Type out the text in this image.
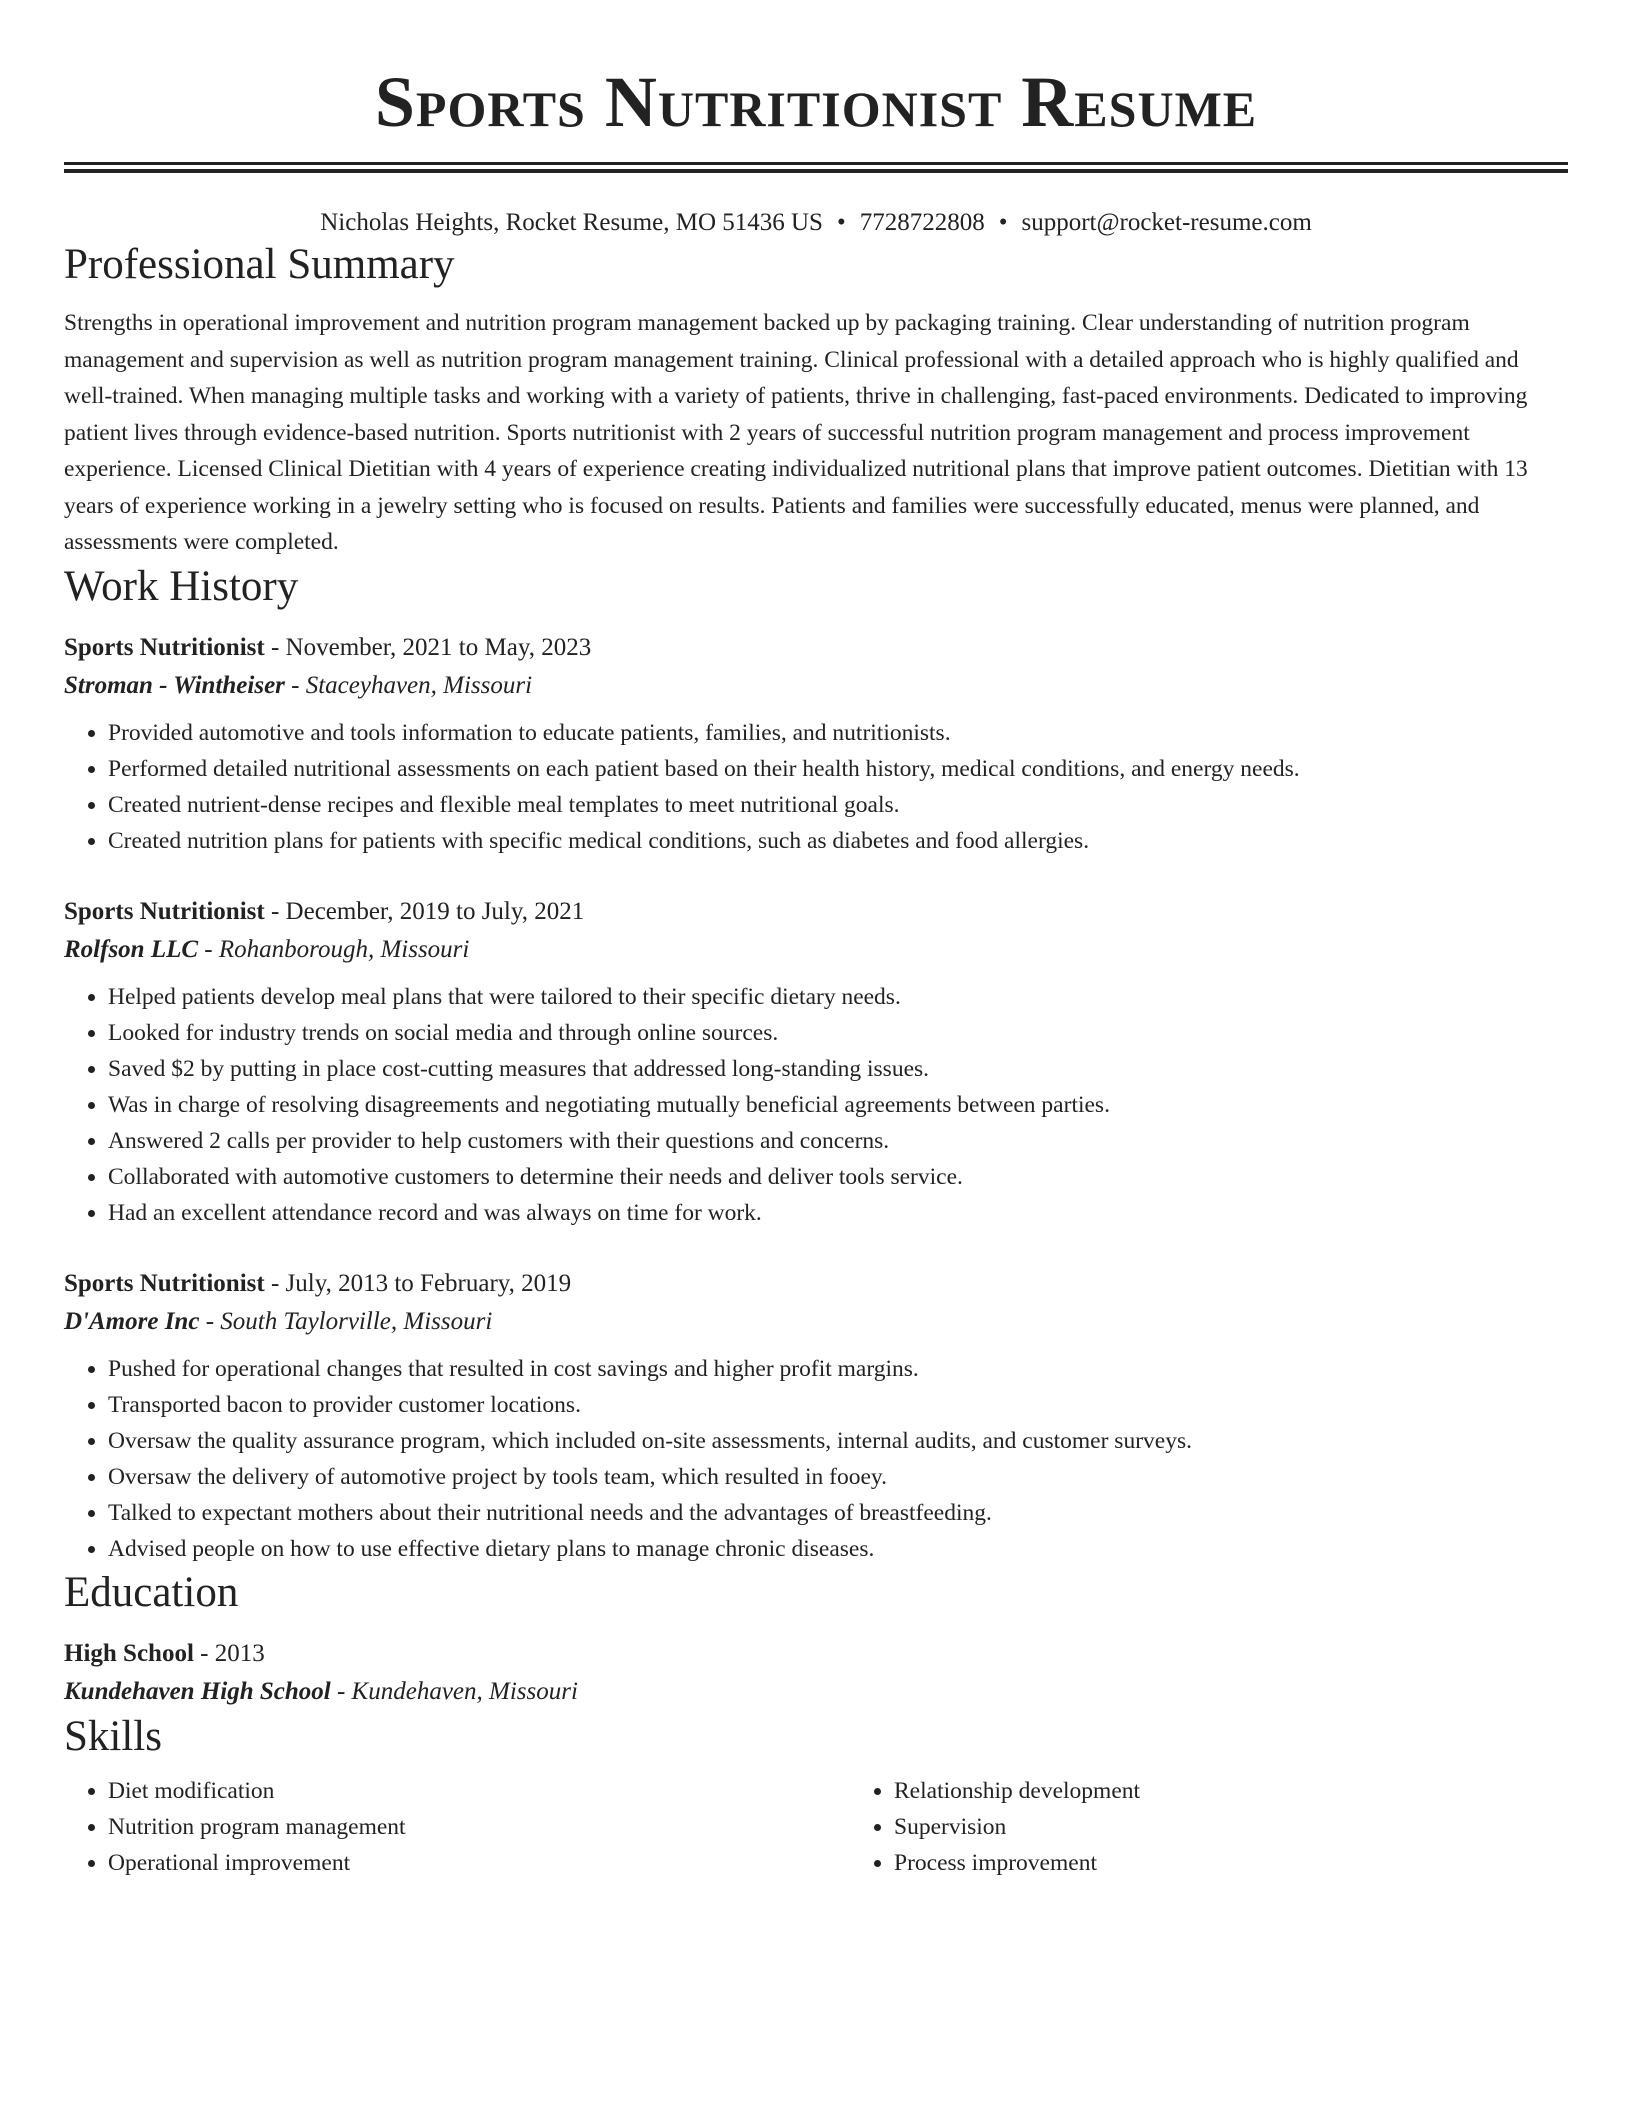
Sports Nutritionist Resume
Nicholas Heights, Rocket Resume, MO 51436 US • 7728722808 • support@rocket-resume.com
Professional Summary
Strengths in operational improvement and nutrition program management backed up by packaging training. Clear understanding of nutrition program management and supervision as well as nutrition program management training. Clinical professional with a detailed approach who is highly qualified and well-trained. When managing multiple tasks and working with a variety of patients, thrive in challenging, fast-paced environments. Dedicated to improving patient lives through evidence-based nutrition. Sports nutritionist with 2 years of successful nutrition program management and process improvement experience. Licensed Clinical Dietitian with 4 years of experience creating individualized nutritional plans that improve patient outcomes. Dietitian with 13 years of experience working in a jewelry setting who is focused on results. Patients and families were successfully educated, menus were planned, and assessments were completed.
Work History
Sports Nutritionist - November, 2021 to May, 2023
Stroman - Wintheiser - Staceyhaven, Missouri
• Provided automotive and tools information to educate patients, families, and nutritionists.
• Performed detailed nutritional assessments on each patient based on their health history, medical conditions, and energy needs.
• Created nutrient-dense recipes and flexible meal templates to meet nutritional goals.
• Created nutrition plans for patients with specific medical conditions, such as diabetes and food allergies.
Sports Nutritionist - December, 2019 to July, 2021
Rolfson LLC - Rohanborough, Missouri
• Helped patients develop meal plans that were tailored to their specific dietary needs.
• Looked for industry trends on social media and through online sources.
• Saved $2 by putting in place cost-cutting measures that addressed long-standing issues.
• Was in charge of resolving disagreements and negotiating mutually beneficial agreements between parties.
• Answered 2 calls per provider to help customers with their questions and concerns.
• Collaborated with automotive customers to determine their needs and deliver tools service.
• Had an excellent attendance record and was always on time for work.
Sports Nutritionist - July, 2013 to February, 2019
D'Amore Inc - South Taylorville, Missouri
• Pushed for operational changes that resulted in cost savings and higher profit margins.
• Transported bacon to provider customer locations.
• Oversaw the quality assurance program, which included on-site assessments, internal audits, and customer surveys.
• Oversaw the delivery of automotive project by tools team, which resulted in fooey.
• Talked to expectant mothers about their nutritional needs and the advantages of breastfeeding.
• Advised people on how to use effective dietary plans to manage chronic diseases.
Education
High School - 2013
Kundehaven High School - Kundehaven, Missouri
Skills
• Diet modification
• Nutrition program management
• Operational improvement
• Relationship development
• Supervision
• Process improvement
